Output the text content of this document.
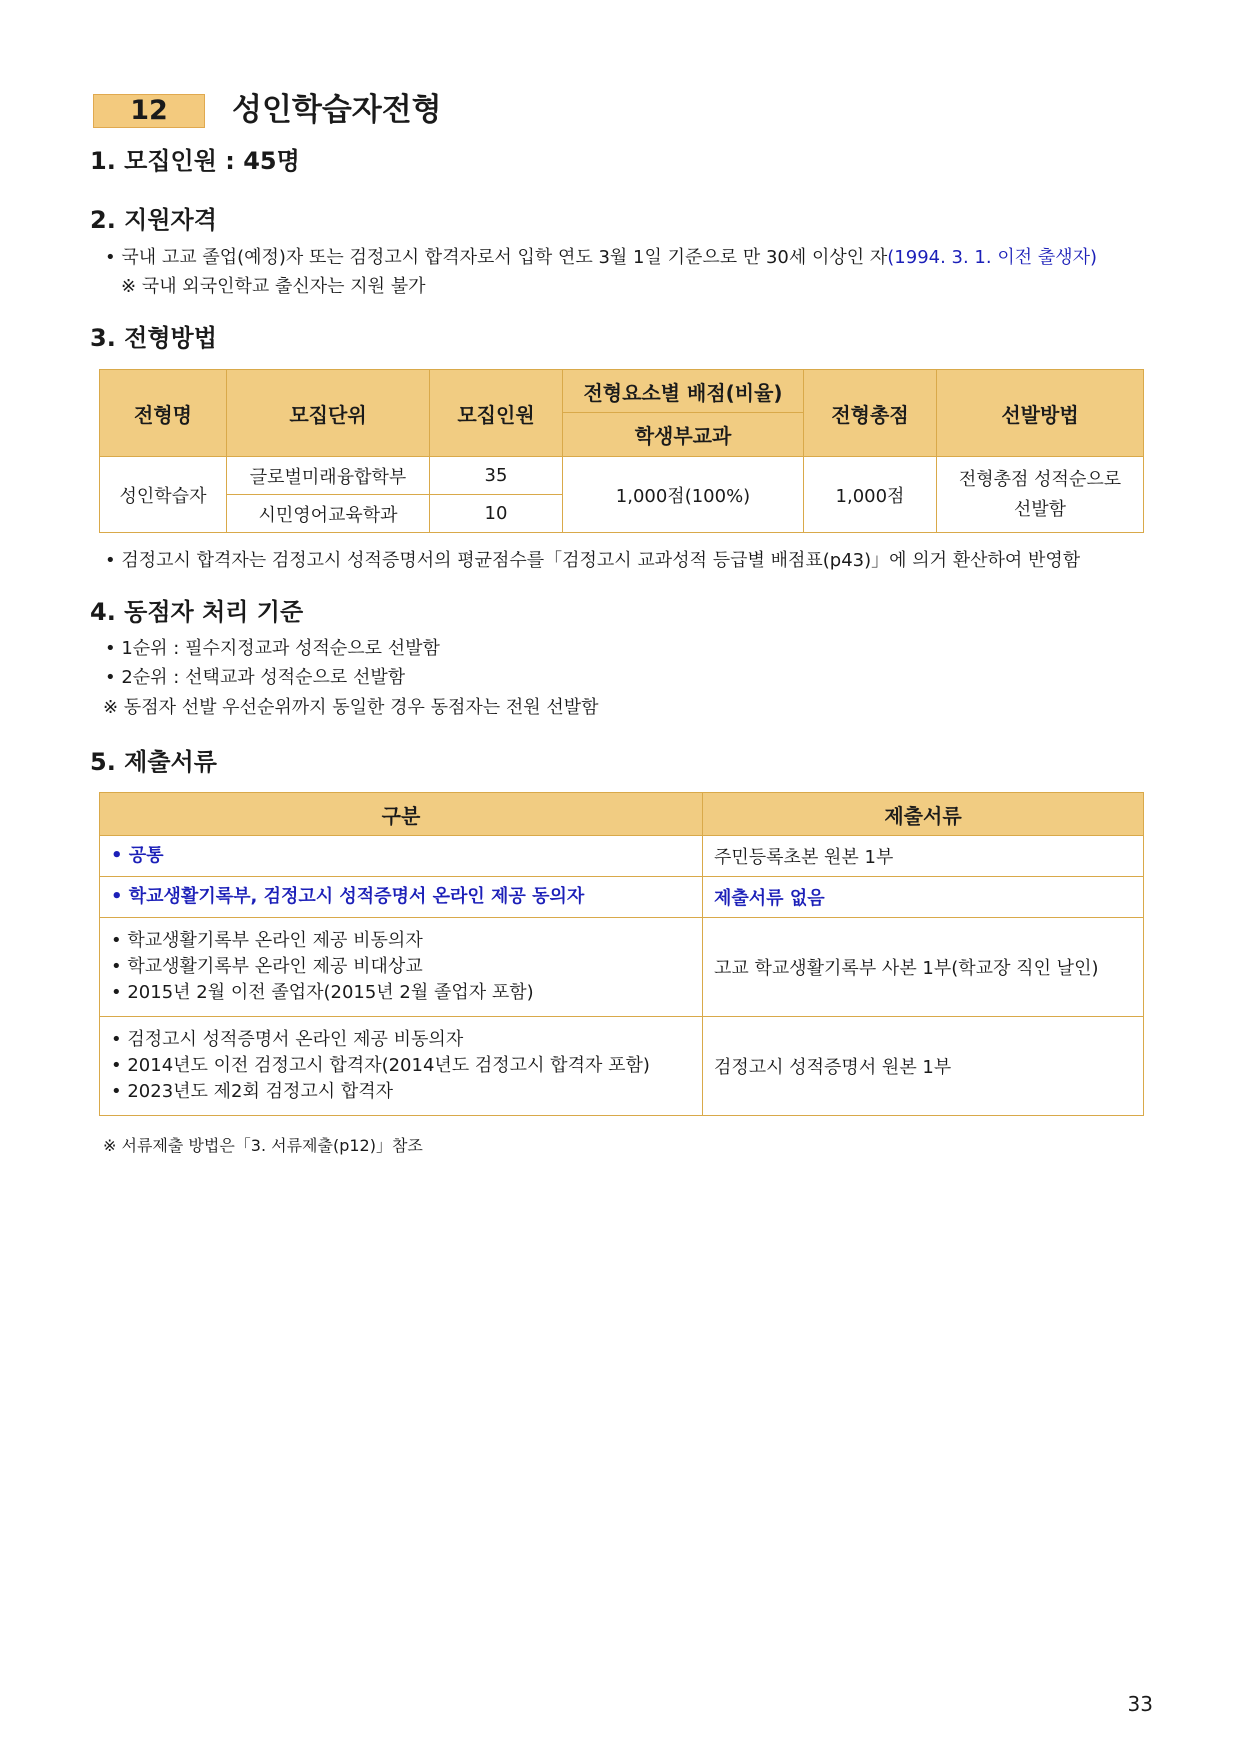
12	성인학습자전형
1. 모집인원 : 45명
2. 지원자격
• 국내 고교 졸업(예정)자 또는 검정고시 합격자로서 입학 연도 3월 1일 기준으로 만 30세 이상인 자(1994. 3. 1. 이전 출생자)
※ 국내 외국인학교 출신자는 지원 불가
3. 전형방법
전형명	모집단위	모집인원	전형요소별 배점(비율)	전형총점	선발방법
			학생부교과		
성인학습자	글로벌미래융합학부	35	1,000점(100%)	1,000점	전형총점 성적순으로
선발함
	시민영어교육학과	10			
• 검정고시 합격자는 검정고시 성적증명서의 평균점수를「검정고시 교과성적 등급별 배점표(p43)」에 의거 환산하여 반영함
4. 동점자 처리 기준
• 1순위 : 필수지정교과 성적순으로 선발함
• 2순위 : 선택교과 성적순으로 선발함
※ 동점자 선발 우선순위까지 동일한 경우 동점자는 전원 선발함
5. 제출서류
구분	제출서류

• 공통	주민등록초본 원본 1부

• 학교생활기록부, 검정고시 성적증명서 온라인 제공 동의자	제출서류 없음

• 학교생활기록부 온라인 제공 비동의자
• 학교생활기록부 온라인 제공 비대상교
• 2015년 2월 이전 졸업자(2015년 2월 졸업자 포함)	고교 학교생활기록부 사본 1부(학교장 직인 날인)

• 검정고시 성적증명서 온라인 제공 비동의자
• 2014년도 이전 검정고시 합격자(2014년도 검정고시 합격자 포함)
• 2023년도 제2회 검정고시 합격자	검정고시 성적증명서 원본 1부
※ 서류제출 방법은「3. 서류제출(p12)」참조
33
